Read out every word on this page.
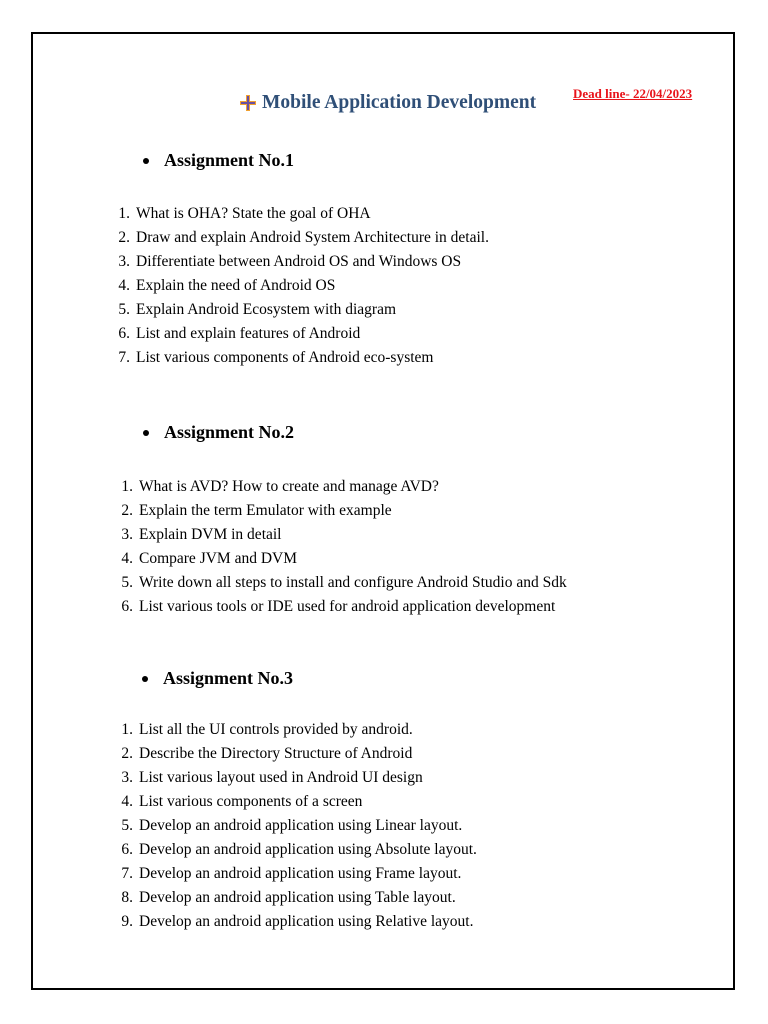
Mobile Application Development	Dead line- 22/04/2023
Assignment No.1
1. What is OHA? State the goal of OHA
2. Draw and explain Android System Architecture in detail.
3. Differentiate between Android OS and Windows OS
4. Explain the need of Android OS
5. Explain Android Ecosystem with diagram
6. List and explain features of Android
7. List various components of Android eco-system
Assignment No.2
1. What is AVD? How to create and manage AVD?
2. Explain the term Emulator with example
3. Explain DVM in detail
4. Compare JVM and DVM
5. Write down all steps to install and configure Android Studio and Sdk
6. List various tools or IDE used for android application development
Assignment No.3
1. List all the UI controls provided by android.
2. Describe the Directory Structure of Android
3. List various layout used in Android UI design
4. List various components of a screen
5. Develop an android application using Linear layout.
6. Develop an android application using Absolute layout.
7. Develop an android application using Frame layout.
8. Develop an android application using Table layout.
9. Develop an android application using Relative layout.
